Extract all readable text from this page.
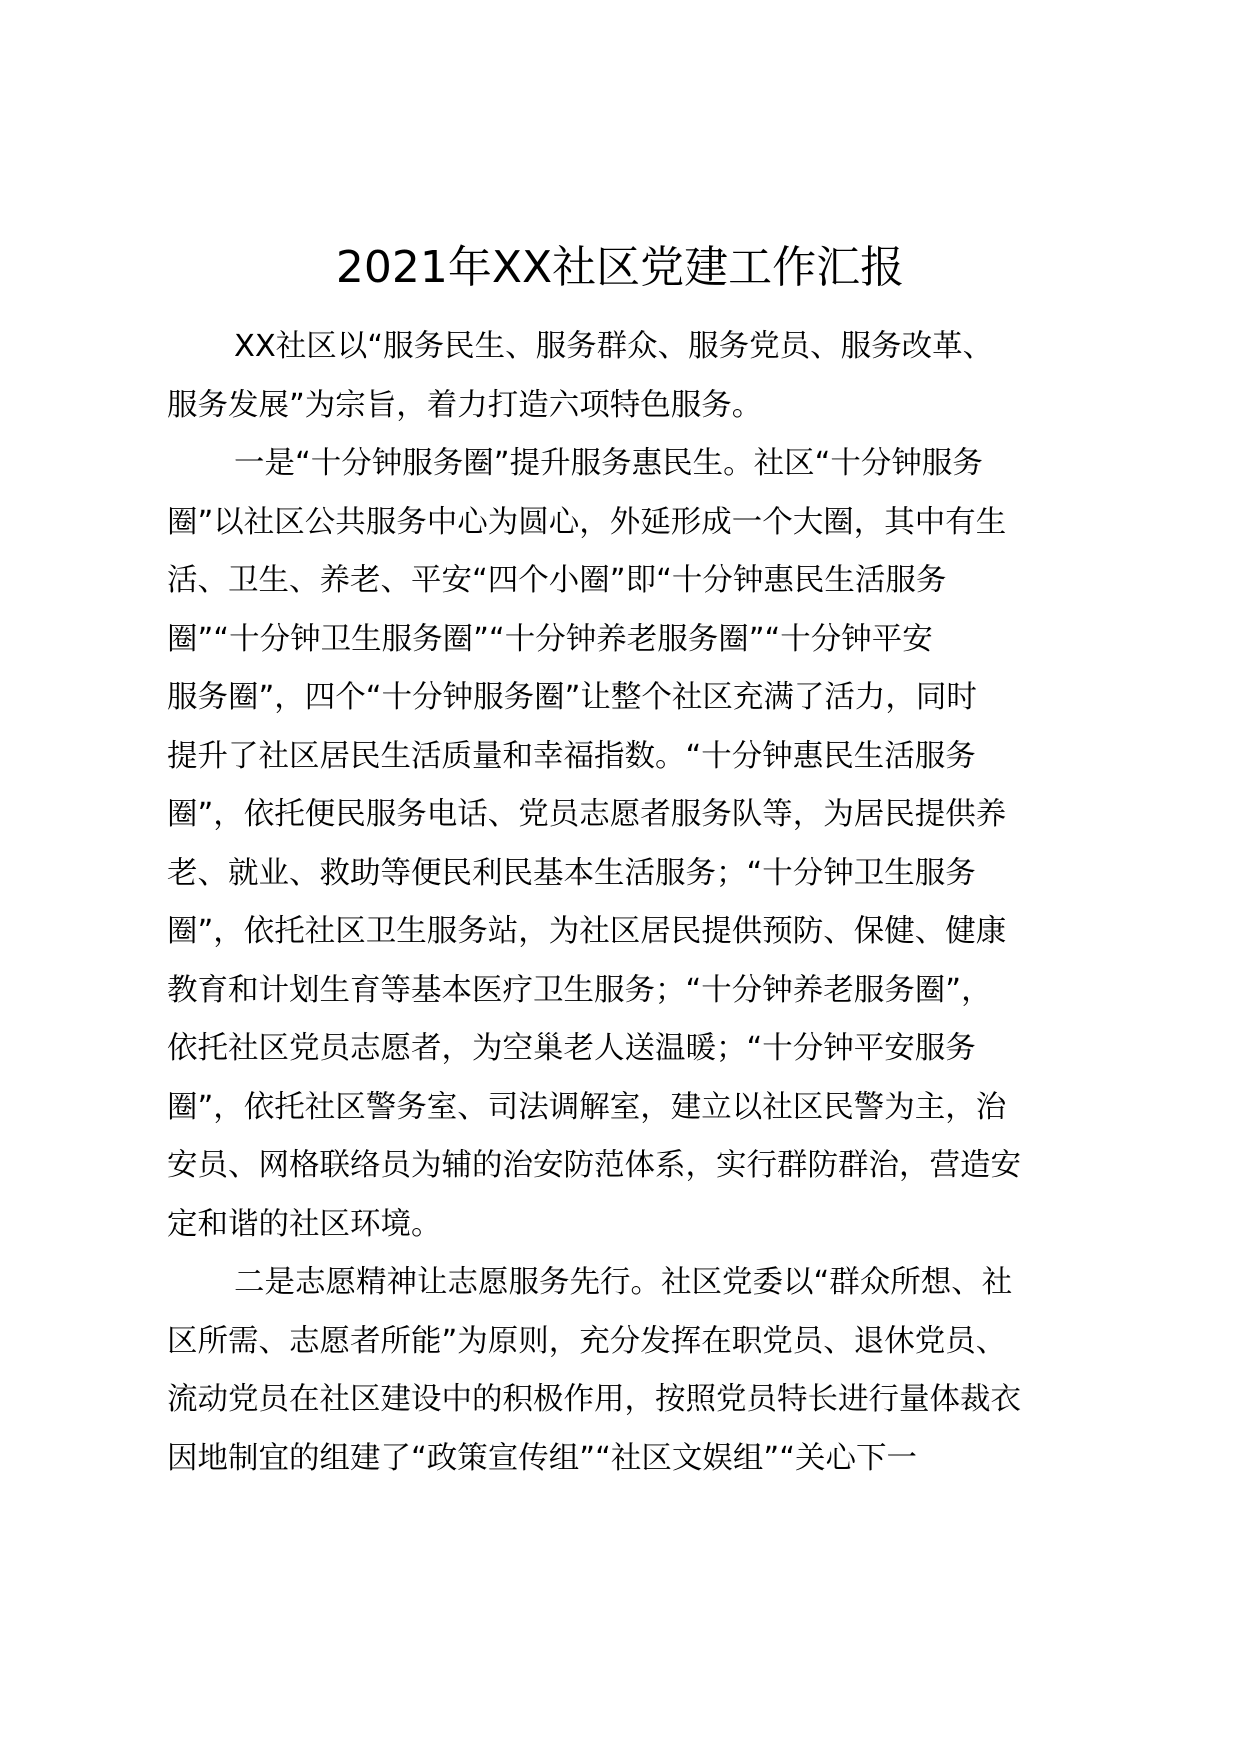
2021年XX社区党建工作汇报
XX社区以“服务民生、服务群众、服务党员、服务改革、
服务发展”为宗旨，着力打造六项特色服务。
一是“十分钟服务圈”提升服务惠民生。社区“十分钟服务
圈”以社区公共服务中心为圆心，外延形成一个大圈，其中有生
活、卫生、养老、平安“四个小圈”即“十分钟惠民生活服务
圈”“十分钟卫生服务圈”“十分钟养老服务圈”“十分钟平安
服务圈”，四个“十分钟服务圈”让整个社区充满了活力，同时
提升了社区居民生活质量和幸福指数。“十分钟惠民生活服务
圈”，依托便民服务电话、党员志愿者服务队等，为居民提供养
老、就业、救助等便民利民基本生活服务；“十分钟卫生服务
圈”，依托社区卫生服务站，为社区居民提供预防、保健、健康
教育和计划生育等基本医疗卫生服务；“十分钟养老服务圈”，
依托社区党员志愿者，为空巢老人送温暖；“十分钟平安服务
圈”，依托社区警务室、司法调解室，建立以社区民警为主，治
安员、网格联络员为辅的治安防范体系，实行群防群治，营造安
定和谐的社区环境。
二是志愿精神让志愿服务先行。社区党委以“群众所想、社
区所需、志愿者所能”为原则，充分发挥在职党员、退休党员、
流动党员在社区建设中的积极作用，按照党员特长进行量体裁衣
因地制宜的组建了“政策宣传组”“社区文娱组”“关心下一
